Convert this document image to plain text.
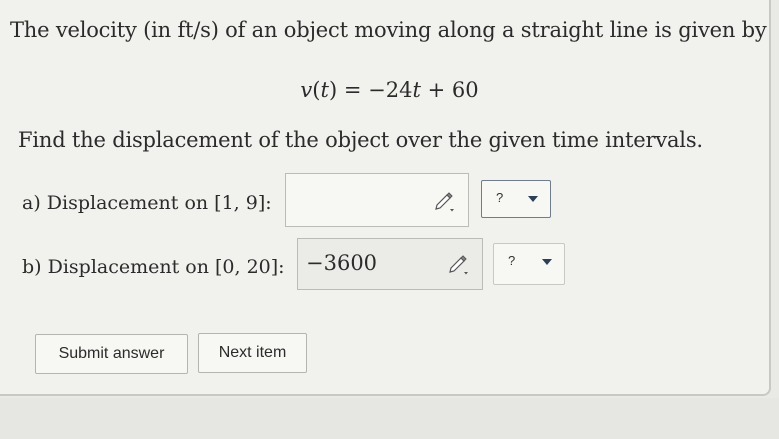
The velocity (in ft/s) of an object moving along a straight line is given by
v(t) = −24t + 60
Find the displacement of the object over the given time intervals.
a) Displacement on [1, 9]:	?
b) Displacement on [0, 20]: −3600	?
Submit answer	Next item
